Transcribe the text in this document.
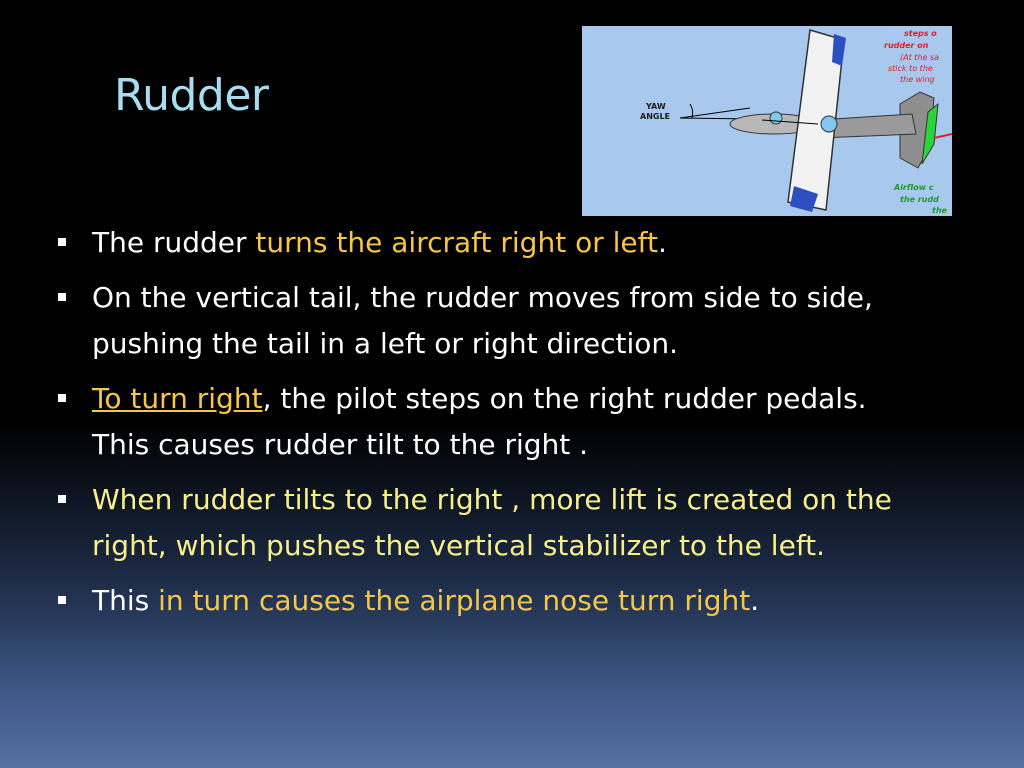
Rudder	YAW
ANGLE
steps o
rudder on
(At the sa
stick to the
the wing
Airflow c
the rudd
the
The rudder turns the aircraft right or left.
On the vertical tail, the rudder moves from side to side, pushing the tail in a left or right direction.
To turn right, the pilot steps on the right rudder pedals. This causes rudder tilt to the right .
When rudder tilts to the right , more lift is created on the right, which pushes the vertical stabilizer to the left.
This in turn causes the airplane nose turn right.
